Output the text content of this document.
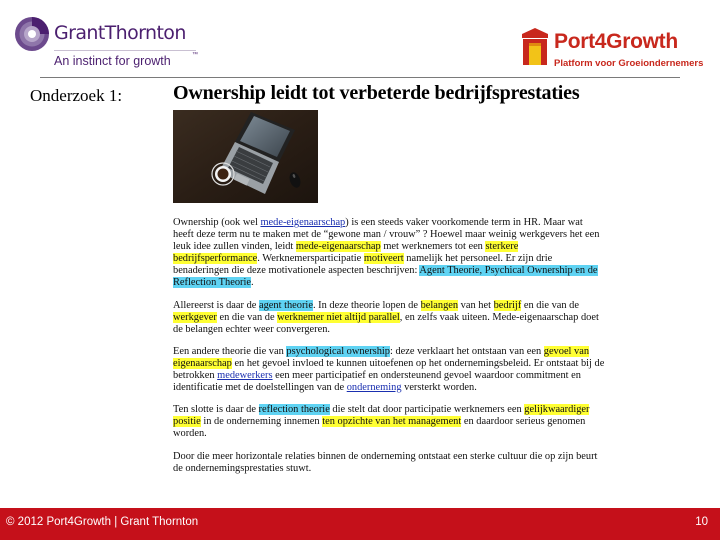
GrantThornton
An instinct for growth	™
Port4Growth
Platform voor Groeiondernemers
Onderzoek 1:	Ownership leidt tot verbeterde bedrijfsprestaties

Ownership (ook wel mede-eigenaarschap) is een steeds vaker voorkomende term in HR. Maar wat heeft deze term nu te maken met de “gewone man / vrouw” ? Hoewel maar weinig werkgevers het een leuk idee zullen vinden, leidt mede-eigenaarschap met werknemers tot een sterkere bedrijfsperformance. Werknemersparticipatie motiveert namelijk het personeel. Er zijn drie benaderingen die deze motivationele aspecten beschrijven: Agent Theorie, Psychical Ownership en de Reflection Theorie.

Allereerst is daar de agent theorie. In deze theorie lopen de belangen van het bedrijf en die van de werkgever en die van de werknemer niet altijd parallel, en zelfs vaak uiteen. Mede-eigenaarschap doet de belangen echter weer convergeren.

Een andere theorie die van psychological ownership: deze verklaart het ontstaan van een gevoel van eigenaarschap en het gevoel invloed te kunnen uitoefenen op het ondernemingsbeleid. Er ontstaat bij de betrokken medewerkers een meer participatief en ondersteunend gevoel waardoor commitment en identificatie met de doelstellingen van de onderneming versterkt worden.

Ten slotte is daar de reflection theorie die stelt dat door participatie werknemers een gelijkwaardiger positie in de onderneming innemen ten opzichte van het management en daardoor serieus genomen worden.

Door die meer horizontale relaties binnen de onderneming ontstaat een sterke cultuur die op zijn beurt de ondernemingsprestaties stuwt.

© 2012 Port4Growth | Grant Thornton	10
